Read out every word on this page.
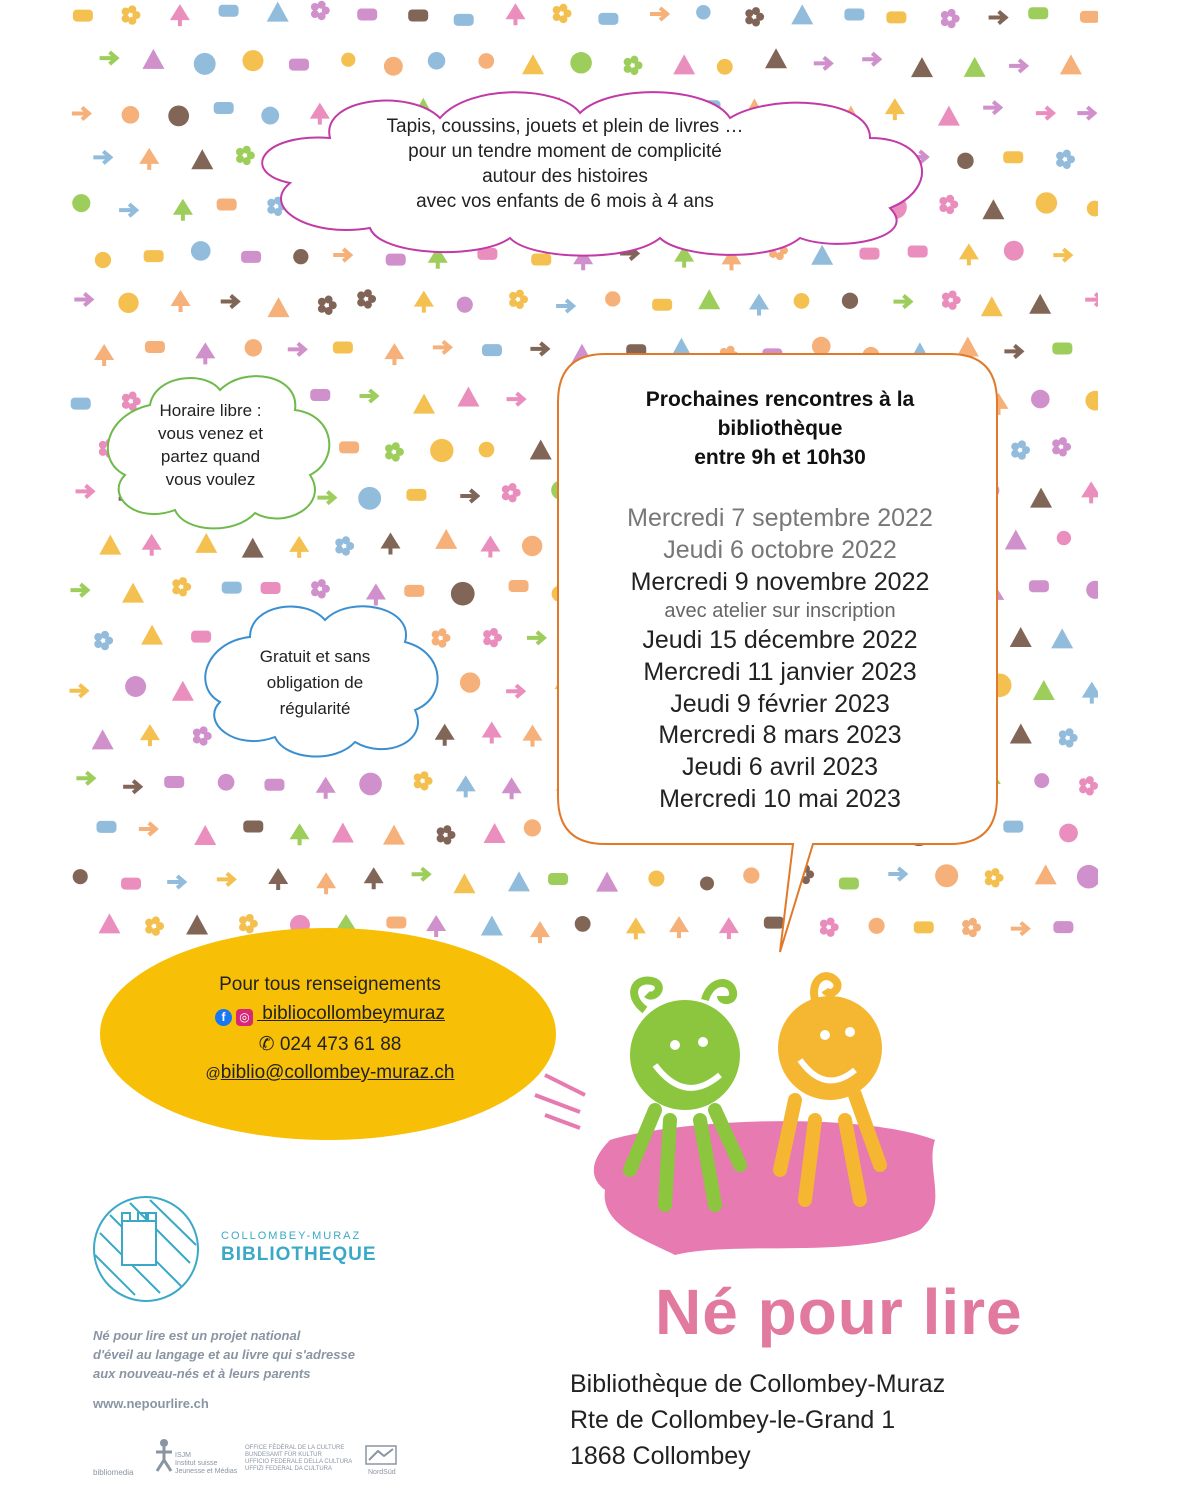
Tapis, coussins, jouets et plein de livres …
pour un tendre moment de complicité
autour des histoires
avec vos enfants de 6 mois à 4 ans
Horaire libre :
vous venez et
partez quand
vous voulez
Gratuit et sans
obligation de
régularité
Prochaines rencontres à la
bibliothèque
entre 9h et 10h30
Mercredi 7 septembre 2022
Jeudi 6 octobre 2022
Mercredi 9 novembre 2022
avec atelier sur inscription
Jeudi 15 décembre 2022
Mercredi 11 janvier 2023
Jeudi 9 février 2023
Mercredi 8 mars 2023
Jeudi 6 avril 2023
Mercredi 10 mai 2023
Pour tous renseignements
f ◎ bibliocollombeymuraz
✆ 024 473 61 88
@biblio@collombey-muraz.ch
COLLOMBEY-MURAZ
BIBLIOTHEQUE
Né pour lire est un projet national
d'éveil au langage et au livre qui s'adresse
aux nouveau-nés et à leurs parents
www.nepourlire.ch
bibliomedia
ISJM
Institut suisse
Jeunesse et Médias
OFFICE FÉDÉRAL DE LA CULTURE
BUNDESAMT FÜR KULTUR
UFFICIO FEDERALE DELLA CULTURA
UFFIZI FEDERAL DA CULTURA	NordSüd
Né pour lire
Bibliothèque de Collombey-Muraz
Rte de Collombey-le-Grand 1
1868 Collombey
